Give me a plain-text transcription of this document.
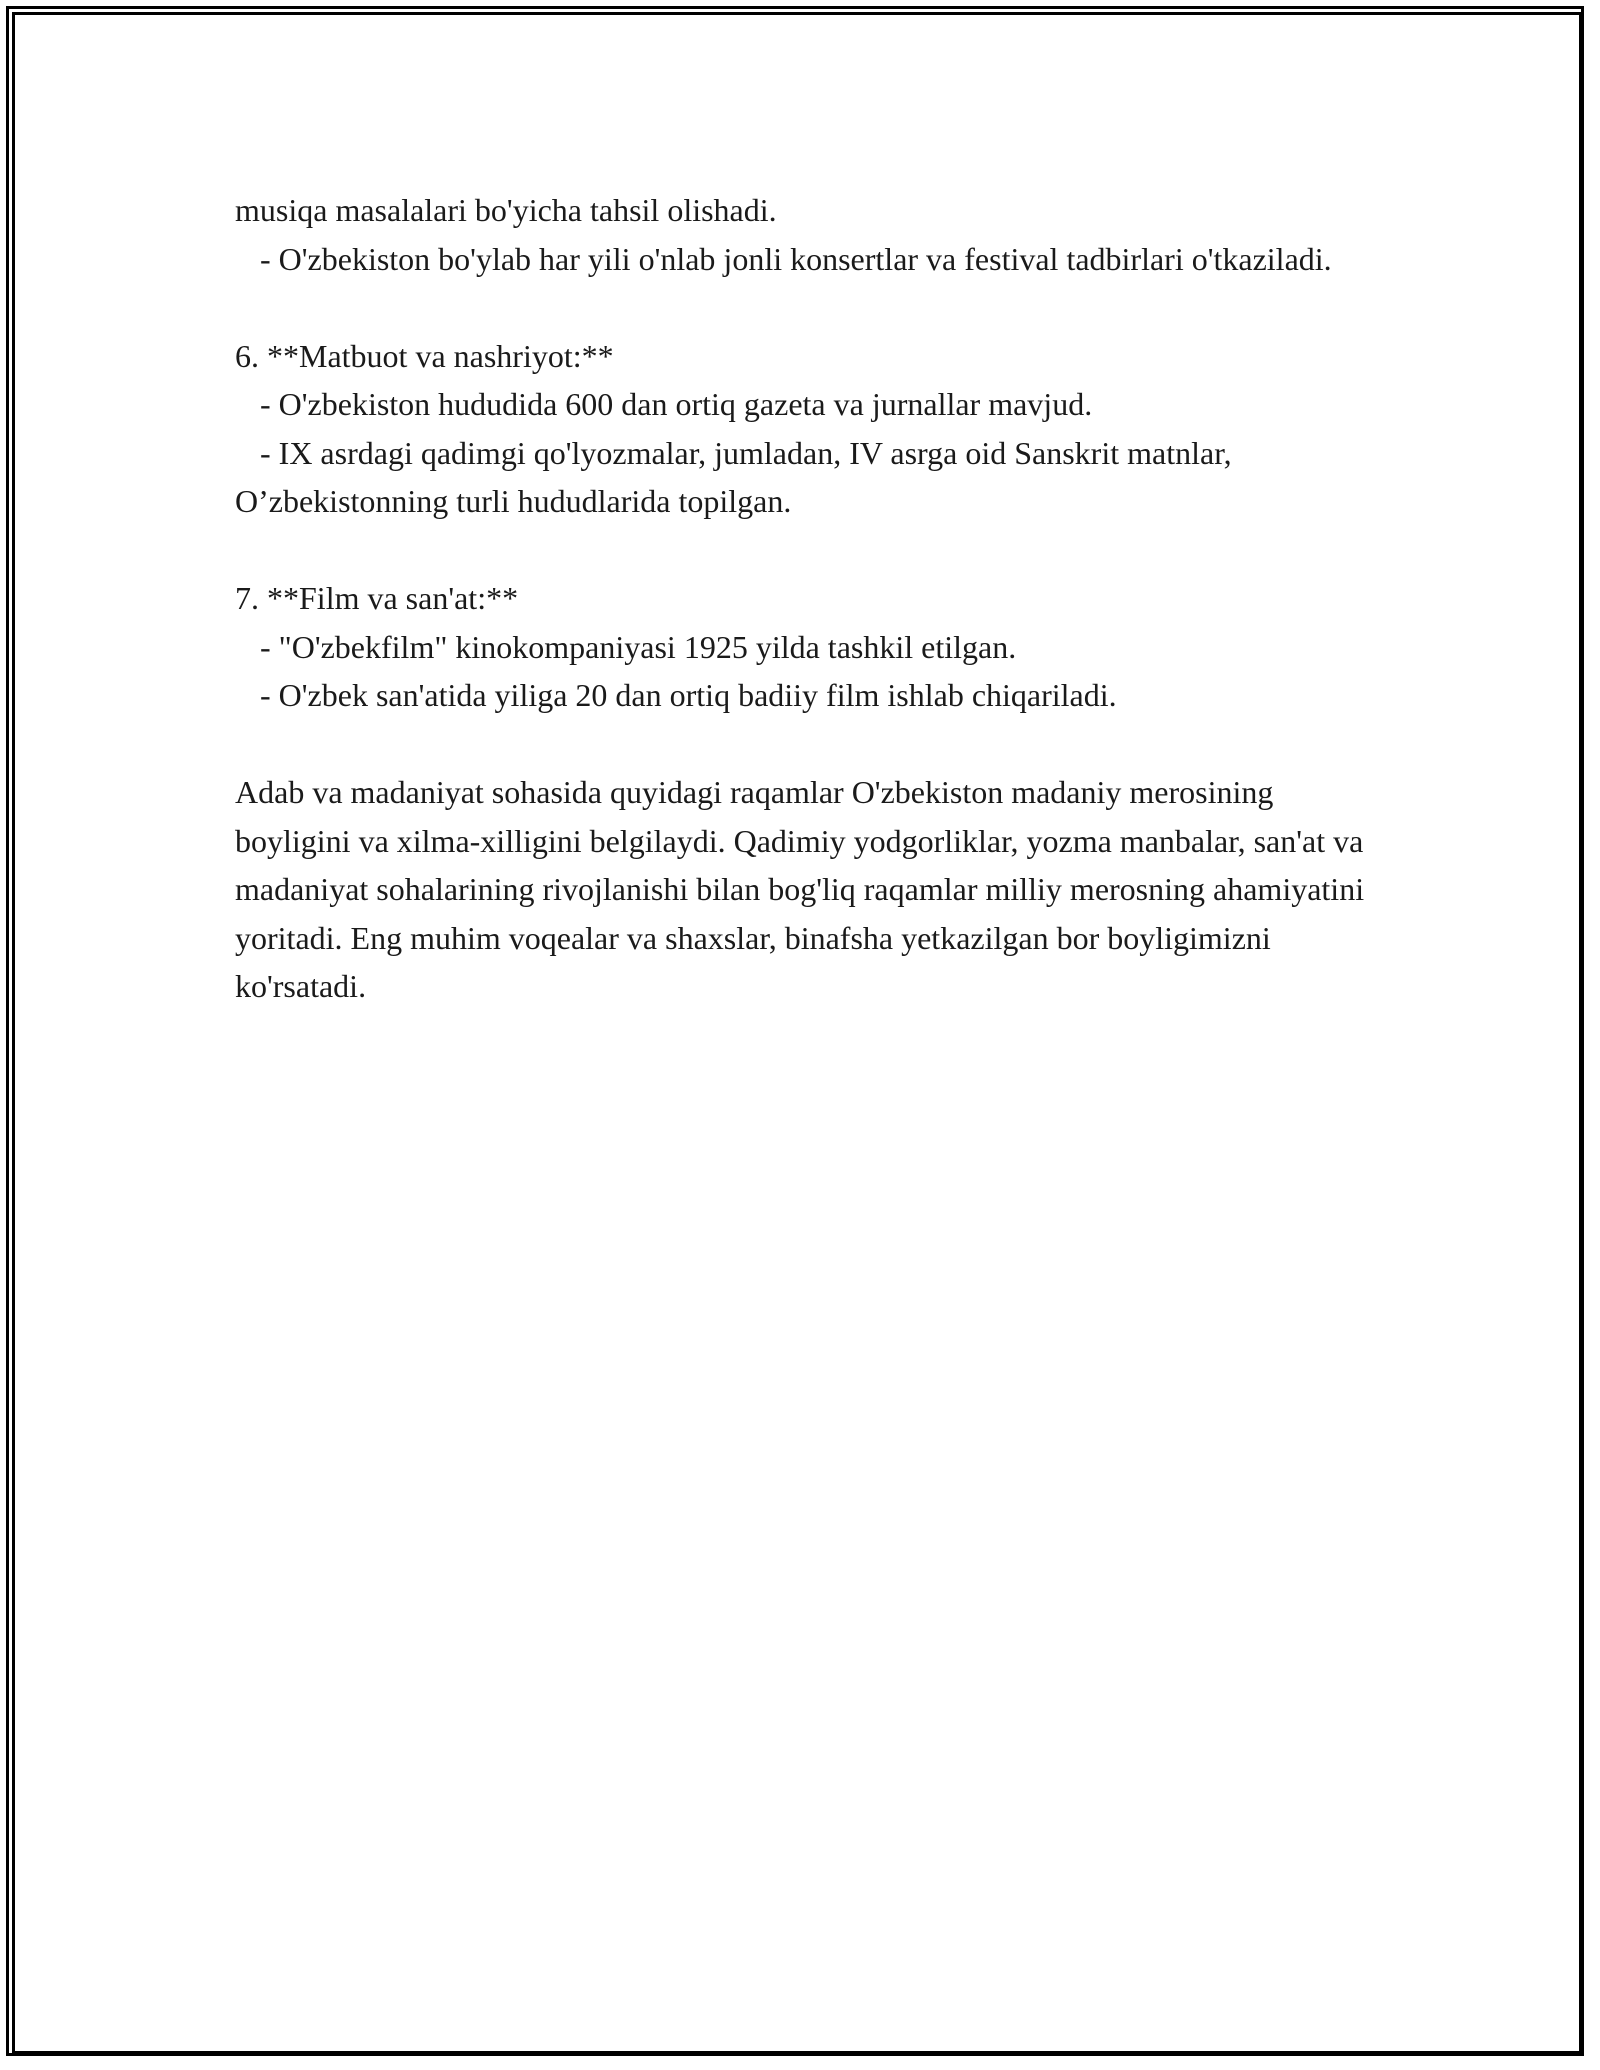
musiqa masalalari bo'yicha tahsil olishadi.

- O'zbekiston bo'ylab har yili o'nlab jonli konsertlar va festival tadbirlari o'tkaziladi.

6. **Matbuot va nashriyot:**

- O'zbekiston hududida 600 dan ortiq gazeta va jurnallar mavjud.

- IX asrdagi qadimgi qo'lyozmalar, jumladan, IV asrga oid Sanskrit matnlar, O’zbekistonning turli hududlarida topilgan.

7. **Film va san'at:**

- "O'zbekfilm" kinokompaniyasi 1925 yilda tashkil etilgan.

- O'zbek san'atida yiliga 20 dan ortiq badiiy film ishlab chiqariladi.

Adab va madaniyat sohasida quyidagi raqamlar O'zbekiston madaniy merosining boyligini va xilma-xilligini belgilaydi. Qadimiy yodgorliklar, yozma manbalar, san'at va madaniyat sohalarining rivojlanishi bilan bog'liq raqamlar milliy merosning ahamiyatini yoritadi. Eng muhim voqealar va shaxslar, binafsha yetkazilgan bor boyligimizni ko'rsatadi.
